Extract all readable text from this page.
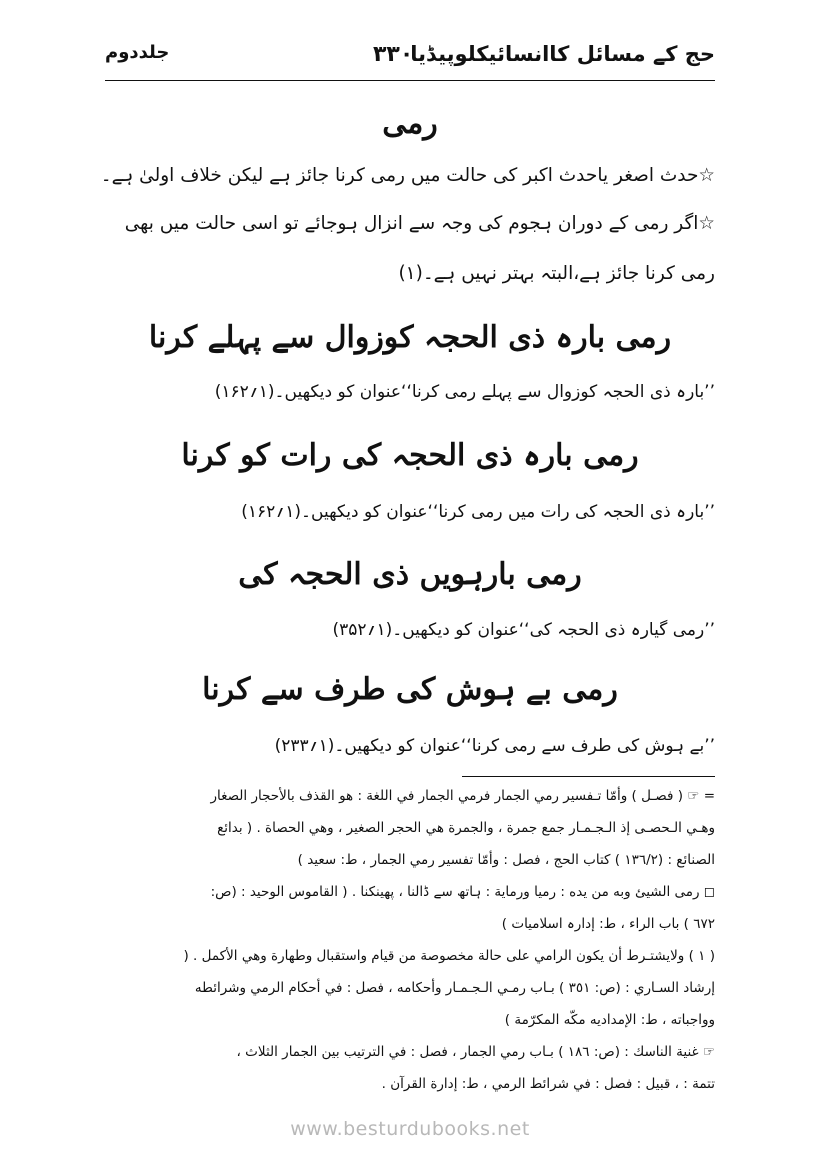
حج کے مسائل کاانسائیکلوپیڈیا
۳۳۰
جلددوم
رمی
☆حدث اصغر یاحدث اکبر کی حالت میں رمی کرنا جائز ہے لیکن خلاف اولیٰ ہے۔
☆اگر رمی کے دوران ہجوم کی وجہ سے انزال ہوجائے تو اسی حالت میں بھی
رمی کرنا جائز ہے،البتہ بہتر نہیں ہے۔(۱)
رمی بارہ ذی الحجہ کوزوال سے پہلے کرنا
’’بارہ ذی الحجہ کوزوال سے پہلے رمی کرنا‘‘عنوان کو دیکھیں۔(۱؍۱۶۲)
رمی بارہ ذی الحجہ کی رات کو کرنا
’’بارہ ذی الحجہ کی رات میں رمی کرنا‘‘عنوان کو دیکھیں۔(۱؍۱۶۲)
رمی بارہویں ذی الحجہ کی
’’رمی گیارہ ذی الحجہ کی‘‘عنوان کو دیکھیں۔(۱؍۳۵۲)
رمی بے ہوش کی طرف سے کرنا
’’بے ہوش کی طرف سے رمی کرنا‘‘عنوان کو دیکھیں۔(۱؍۲۳۳)
= ☞ ( فصـل ) وأمّا تـفسير رمي الجمار فرمي الجمار في اللغة : هو القذف بالأحجار الصغار
وهـي الـحصـى إذ الـجـمـار جمع جمرة ، والجمرة هي الحجر الصغير ، وهي الحصاة . ( بدائع
الصنائع : (١٣٦/٢ ) كتاب الحج ، فصل : وأمّا تفسير رمي الجمار ، ط: سعيد )
◻ رمی الشيئ وبه من يده : رميا ورماية : ہاتھ سے ڈالنا ، پھینکنا . ( القاموس الوحيد : (ص:
٦٧٢ ) باب الراء ، ط: إدارہ اسلاميات )
( ١ ) ولايشتـرط أن يكون الرامي على حالة مخصوصة من قيام واستقبال وطهارة وهي الأكمل . (
إرشاد السـاري : (ص: ٣٥١ ) بـاب رمـي الـجـمـار وأحكامه ، فصل : في أحكام الرمي وشرائطه
وواجباته ، ط: الإمداديه مكّه المكرّمة )
☞ غنية الناسك : (ص: ١٨٦ ) بـاب رمي الجمار ، فصل : في الترتيب بين الجمار الثلاث ،
تتمة : ، قبيل : فصل : في شرائط الرمي ، ط: إدارة القرآن .
www.besturdubooks.net
